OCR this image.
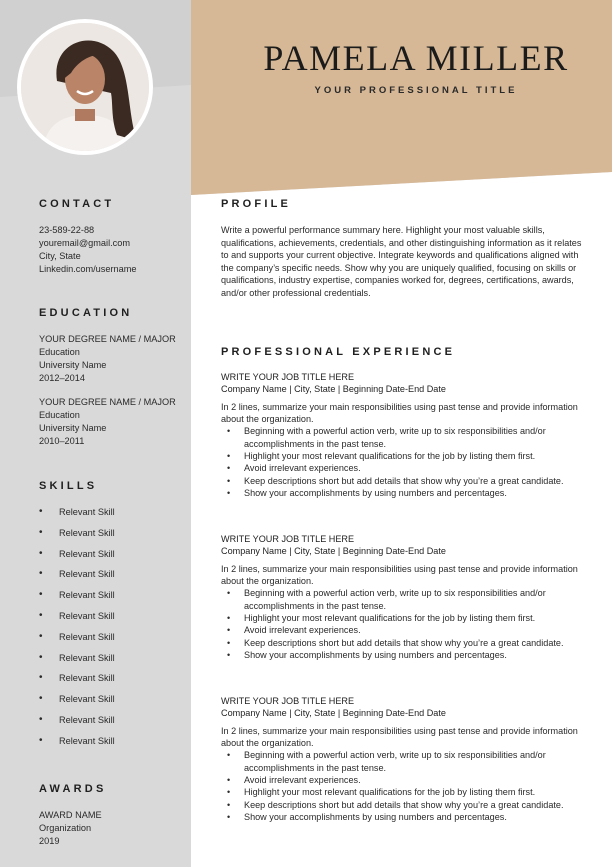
PAMELA MILLER
YOUR PROFESSIONAL TITLE
CONTACT
23-589-22-88
youremail@gmail.com
City, State
Linkedin.com/username
EDUCATION
YOUR DEGREE NAME / MAJOR
Education
University Name
2012–2014
YOUR DEGREE NAME / MAJOR
Education
University Name
2010–2011
SKILLS
• Relevant Skill
• Relevant Skill
• Relevant Skill
• Relevant Skill
• Relevant Skill
• Relevant Skill
• Relevant Skill
• Relevant Skill
• Relevant Skill
• Relevant Skill
• Relevant Skill
• Relevant Skill
AWARDS
AWARD NAME
Organization
2019
PROFILE

Write a powerful performance summary here. Highlight your most valuable skills, qualifications, achievements, credentials, and other distinguishing information as it relates to and supports your current objective. Integrate keywords and qualifications aligned with the company’s specific needs. Show why you are uniquely qualified, focusing on skills or qualifications, industry expertise, companies worked for, degrees, certifications, awards, and/or other professional credentials.

PROFESSIONAL EXPERIENCE
WRITE YOUR JOB TITLE HERE
Company Name | City, State | Beginning Date-End Date
In 2 lines, summarize your main responsibilities using past tense and provide information about the organization.
• Beginning with a powerful action verb, write up to six responsibilities and/or accomplishments in the past tense.
• Highlight your most relevant qualifications for the job by listing them first.
• Avoid irrelevant experiences.
• Keep descriptions short but add details that show why you’re a great candidate.
• Show your accomplishments by using numbers and percentages.
WRITE YOUR JOB TITLE HERE
Company Name | City, State | Beginning Date-End Date
In 2 lines, summarize your main responsibilities using past tense and provide information about the organization.
• Beginning with a powerful action verb, write up to six responsibilities and/or accomplishments in the past tense.
• Highlight your most relevant qualifications for the job by listing them first.
• Avoid irrelevant experiences.
• Keep descriptions short but add details that show why you’re a great candidate.
• Show your accomplishments by using numbers and percentages.
WRITE YOUR JOB TITLE HERE
Company Name | City, State | Beginning Date-End Date
In 2 lines, summarize your main responsibilities using past tense and provide information about the organization.
• Beginning with a powerful action verb, write up to six responsibilities and/or accomplishments in the past tense.
• Avoid irrelevant experiences.
• Highlight your most relevant qualifications for the job by listing them first.
• Keep descriptions short but add details that show why you’re a great candidate.
• Show your accomplishments by using numbers and percentages.
